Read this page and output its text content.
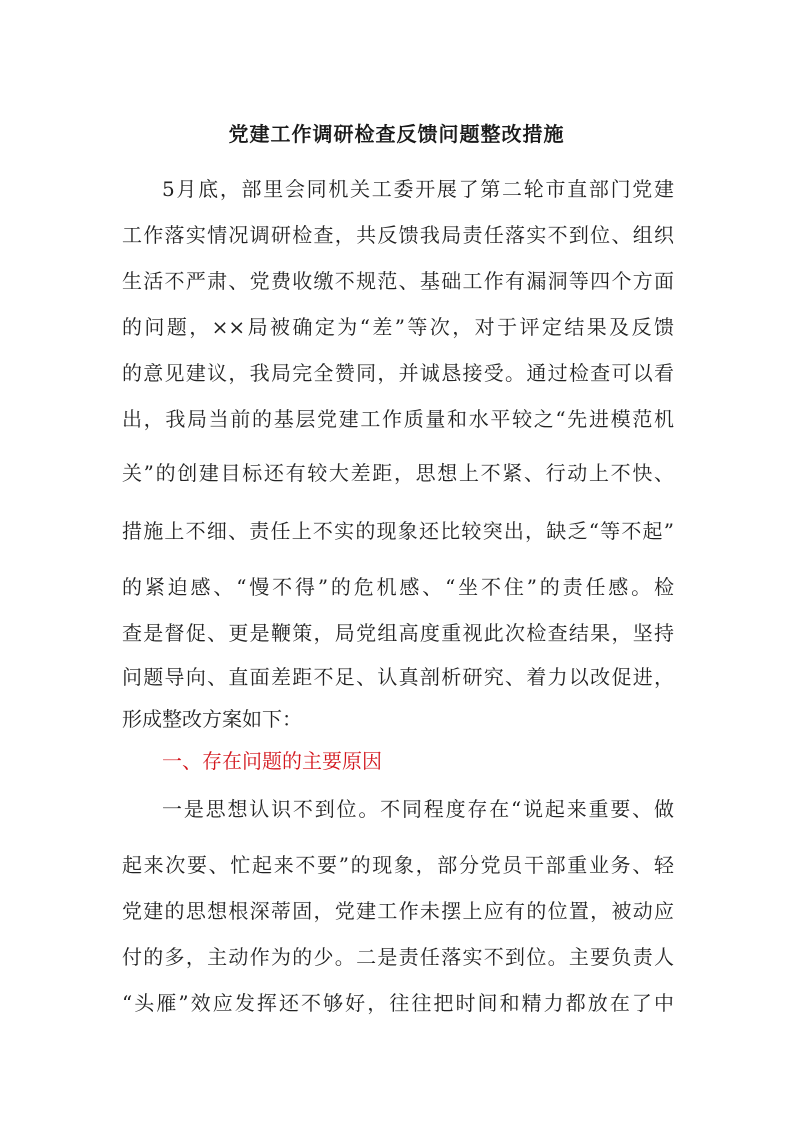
党建工作调研检查反馈问题整改措施
5月底，部里会同机关工委开展了第二轮市直部门党建
工作落实情况调研检查，共反馈我局责任落实不到位、组织
生活不严肃、党费收缴不规范、基础工作有漏洞等四个方面
的问题，××局被确定为“差”等次，对于评定结果及反馈
的意见建议，我局完全赞同，并诚恳接受。通过检查可以看
出，我局当前的基层党建工作质量和水平较之“先进模范机
关”的创建目标还有较大差距，思想上不紧、行动上不快、
措施上不细、责任上不实的现象还比较突出，缺乏“等不起”
的紧迫感、“慢不得”的危机感、“坐不住”的责任感。检
查是督促、更是鞭策，局党组高度重视此次检查结果，坚持
问题导向、直面差距不足、认真剖析研究、着力以改促进，
形成整改方案如下：
一、存在问题的主要原因
一是思想认识不到位。不同程度存在“说起来重要、做
起来次要、忙起来不要”的现象，部分党员干部重业务、轻
党建的思想根深蒂固，党建工作未摆上应有的位置，被动应
付的多，主动作为的少。二是责任落实不到位。主要负责人
“头雁”效应发挥还不够好，往往把时间和精力都放在了中
